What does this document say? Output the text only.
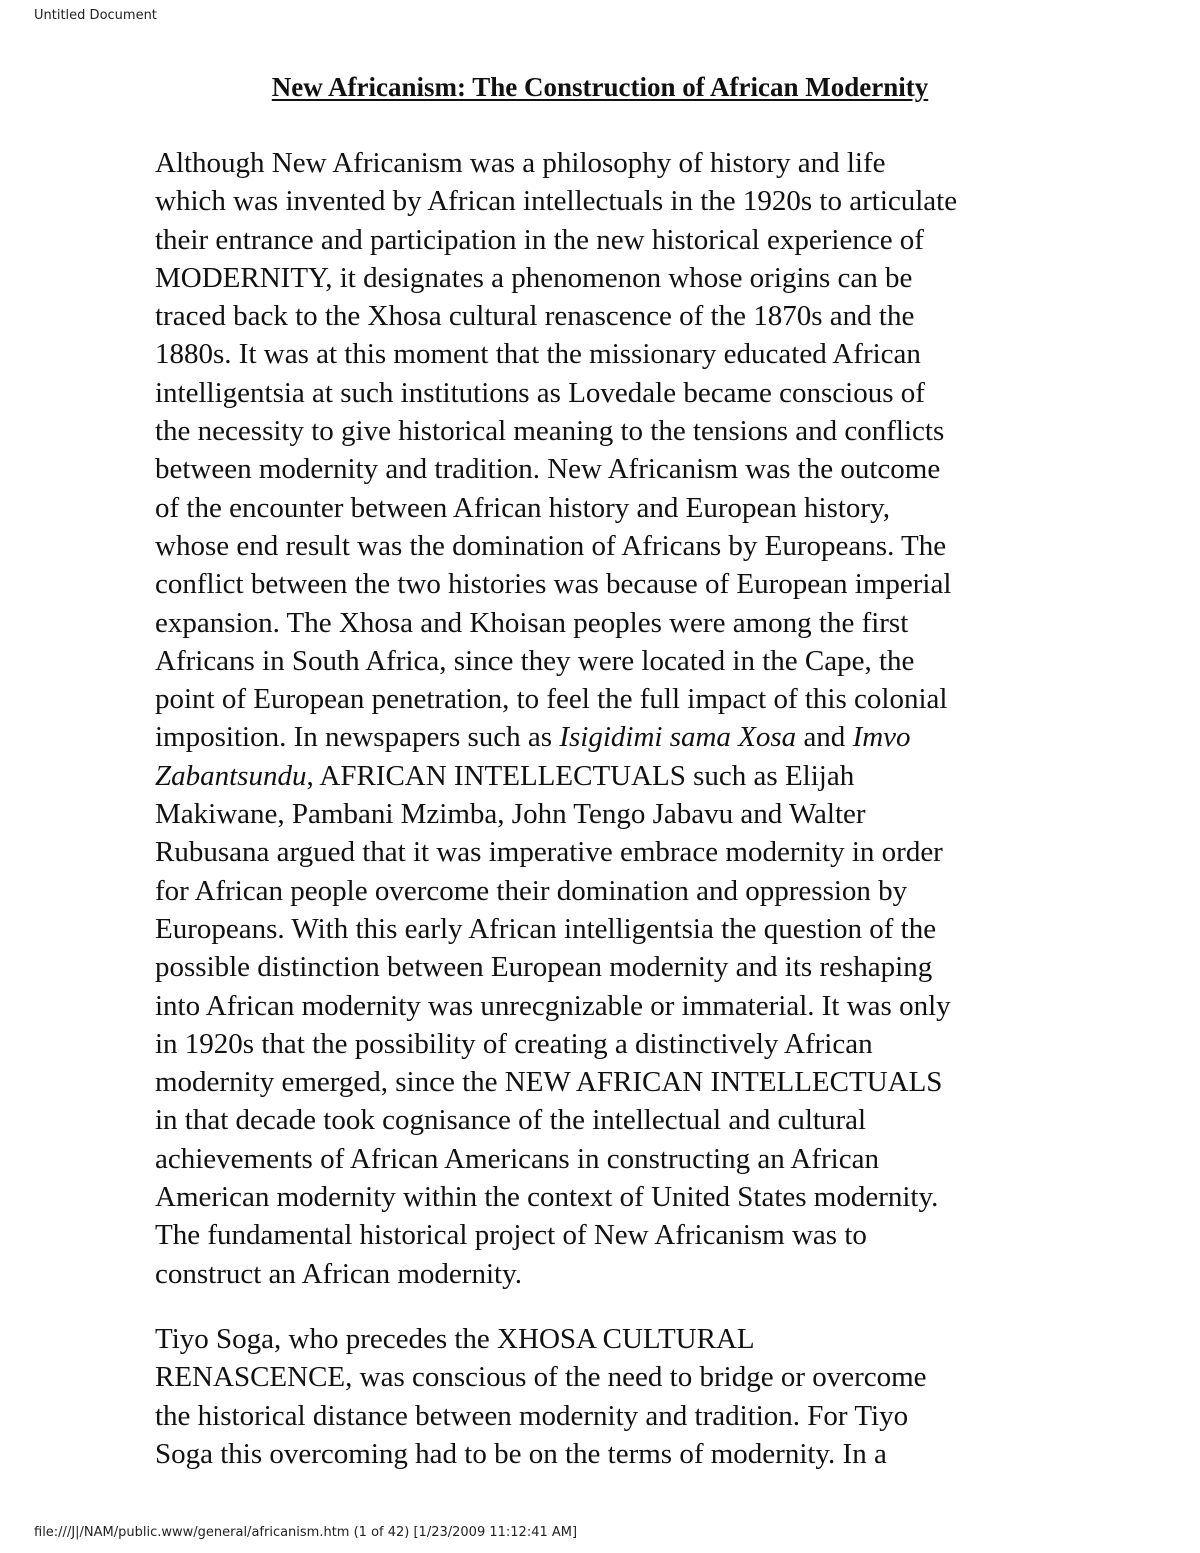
Untitled Document
New Africanism: The Construction of African Modernity

Although New Africanism was a philosophy of history and life
which was invented by African intellectuals in the 1920s to articulate
their entrance and participation in the new historical experience of
MODERNITY, it designates a phenomenon whose origins can be
traced back to the Xhosa cultural renascence of the 1870s and the
1880s. It was at this moment that the missionary educated African
intelligentsia at such institutions as Lovedale became conscious of
the necessity to give historical meaning to the tensions and conflicts
between modernity and tradition. New Africanism was the outcome
of the encounter between African history and European history,
whose end result was the domination of Africans by Europeans. The
conflict between the two histories was because of European imperial
expansion. The Xhosa and Khoisan peoples were among the first
Africans in South Africa, since they were located in the Cape, the
point of European penetration, to feel the full impact of this colonial
imposition. In newspapers such as Isigidimi sama Xosa and Imvo
Zabantsundu, AFRICAN INTELLECTUALS such as Elijah
Makiwane, Pambani Mzimba, John Tengo Jabavu and Walter
Rubusana argued that it was imperative embrace modernity in order
for African people overcome their domination and oppression by
Europeans. With this early African intelligentsia the question of the
possible distinction between European modernity and its reshaping
into African modernity was unrecgnizable or immaterial. It was only
in 1920s that the possibility of creating a distinctively African
modernity emerged, since the NEW AFRICAN INTELLECTUALS
in that decade took cognisance of the intellectual and cultural
achievements of African Americans in constructing an African
American modernity within the context of United States modernity.
The fundamental historical project of New Africanism was to
construct an African modernity.

Tiyo Soga, who precedes the XHOSA CULTURAL
RENASCENCE, was conscious of the need to bridge or overcome
the historical distance between modernity and tradition. For Tiyo
Soga this overcoming had to be on the terms of modernity. In a

file:///J|/NAM/public.www/general/africanism.htm (1 of 42) [1/23/2009 11:12:41 AM]
